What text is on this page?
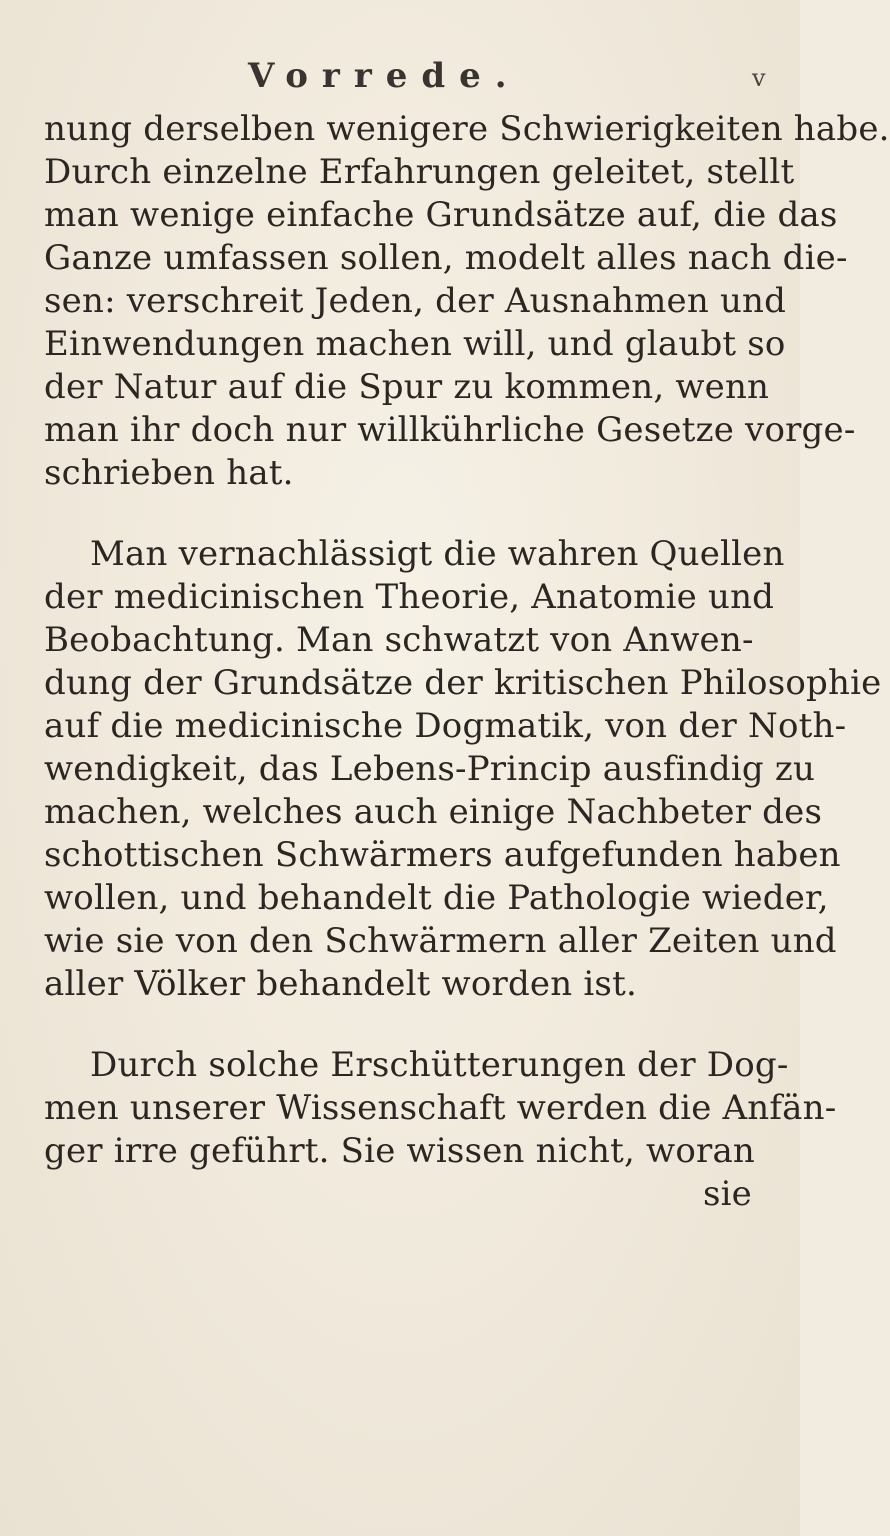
Vorrede.	v
nung derselben wenigere Schwierigkeiten habe.
Durch einzelne Erfahrungen geleitet, stellt
man wenige einfache Grundsätze auf, die das
Ganze umfassen sollen, modelt alles nach die-
sen: verschreit Jeden, der Ausnahmen und
Einwendungen machen will, und glaubt so
der Natur auf die Spur zu kommen, wenn
man ihr doch nur willkührliche Gesetze vorge-
schrieben hat.
Man vernachlässigt die wahren Quellen
der medicinischen Theorie, Anatomie und
Beobachtung. Man schwatzt von Anwen-
dung der Grundsätze der kritischen Philosophie
auf die medicinische Dogmatik, von der Noth-
wendigkeit, das Lebens-Princip ausfindig zu
machen, welches auch einige Nachbeter des
schottischen Schwärmers aufgefunden haben
wollen, und behandelt die Pathologie wieder,
wie sie von den Schwärmern aller Zeiten und
aller Völker behandelt worden ist.
Durch solche Erschütterungen der Dog-
men unserer Wissenschaft werden die Anfän-
ger irre geführt. Sie wissen nicht, woran
sie
